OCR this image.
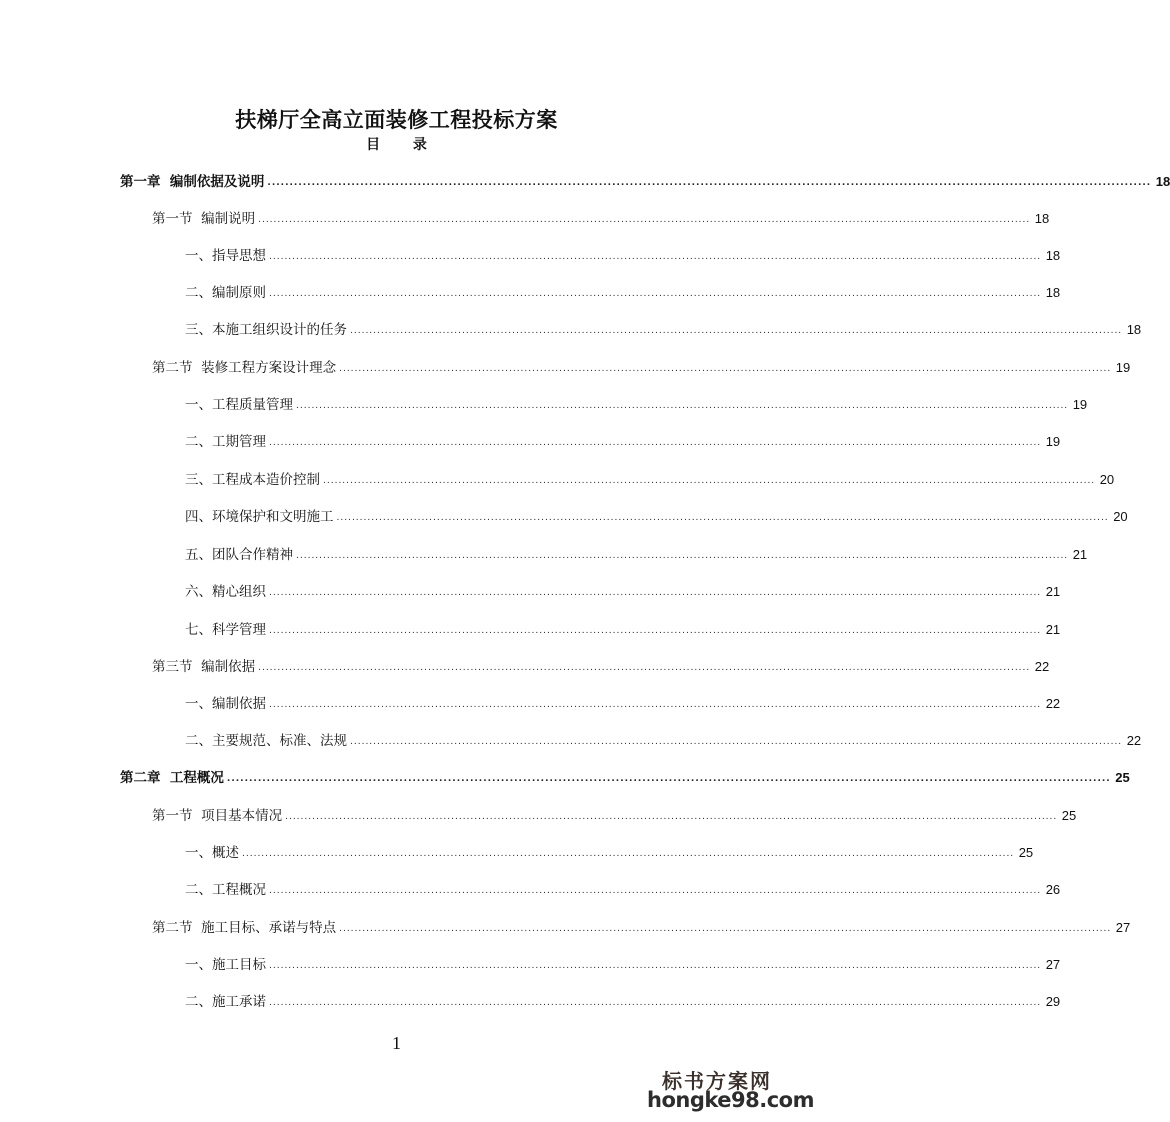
扶梯厅全高立面装修工程投标方案
目 录
第一章  编制依据及说明 ........................................................................................................................................................................................................ 18
第一节  编制说明 ........................................................................................................................................................................................................ 18
一、指导思想 ........................................................................................................................................................................................................ 18
二、编制原则 ........................................................................................................................................................................................................ 18
三、本施工组织设计的任务 ........................................................................................................................................................................................................ 18
第二节  装修工程方案设计理念 ........................................................................................................................................................................................................ 19
一、工程质量管理 ........................................................................................................................................................................................................ 19
二、工期管理 ........................................................................................................................................................................................................ 19
三、工程成本造价控制 ........................................................................................................................................................................................................ 20
四、环境保护和文明施工 ........................................................................................................................................................................................................ 20
五、团队合作精神 ........................................................................................................................................................................................................ 21
六、精心组织 ........................................................................................................................................................................................................ 21
七、科学管理 ........................................................................................................................................................................................................ 21
第三节  编制依据 ........................................................................................................................................................................................................ 22
一、编制依据 ........................................................................................................................................................................................................ 22
二、主要规范、标准、法规 ........................................................................................................................................................................................................ 22
第二章  工程概况 ........................................................................................................................................................................................................ 25
第一节  项目基本情况 ........................................................................................................................................................................................................ 25
一、概述 ........................................................................................................................................................................................................ 25
二、工程概况 ........................................................................................................................................................................................................ 26
第二节  施工目标、承诺与特点 ........................................................................................................................................................................................................ 27
一、施工目标 ........................................................................................................................................................................................................ 27
二、施工承诺 ........................................................................................................................................................................................................ 29
1
标书方案网
hongke98.com
